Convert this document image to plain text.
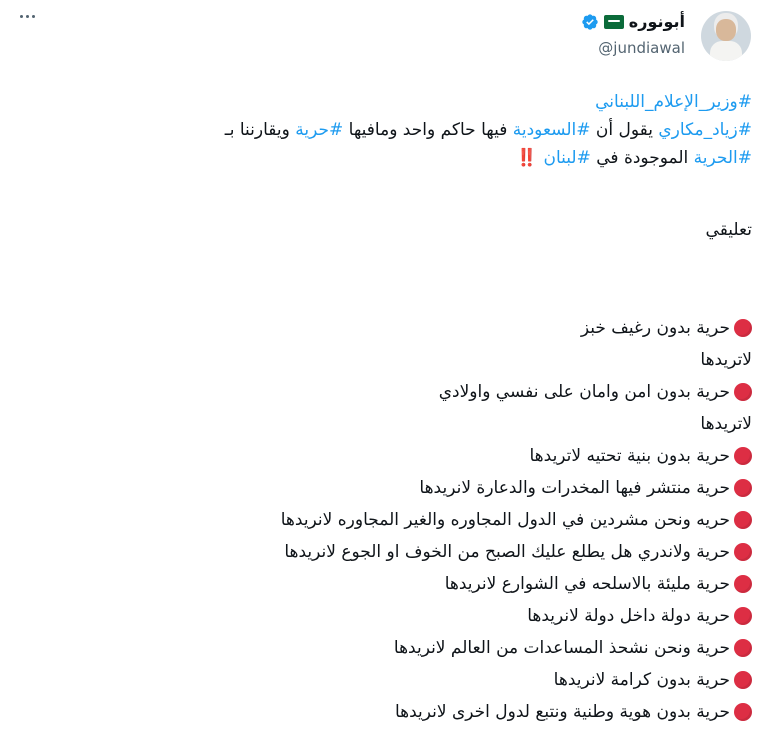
أبونوره
@jundiawal
#وزير_الإعلام_اللبناني
#زياد_مكاري يقول أن #السعودية فيها حاكم واحد ومافيها #حرية ويقارننا بـ
#الحرية الموجودة في #لبنان ‼️
تعليقي
حرية بدون رغيف خبز
لاتريدها
حرية بدون امن وامان على نفسي واولادي
لاتريدها
حرية بدون بنية تحتيه لاتريدها
حرية منتشر فيها المخدرات والدعارة لانريدها
حريه ونحن مشردين في الدول المجاوره والغير المجاوره لانريدها
حرية ولاندري هل يطلع عليك الصبح من الخوف او الجوع لانريدها
حرية مليئة بالاسلحه في الشوارع لانريدها
حرية دولة داخل دولة لانريدها
حرية ونحن نشحذ المساعدات من العالم لانريدها
حرية بدون كرامة لانريدها
حرية بدون هوية وطنية ونتبع لدول اخرى لانريدها
